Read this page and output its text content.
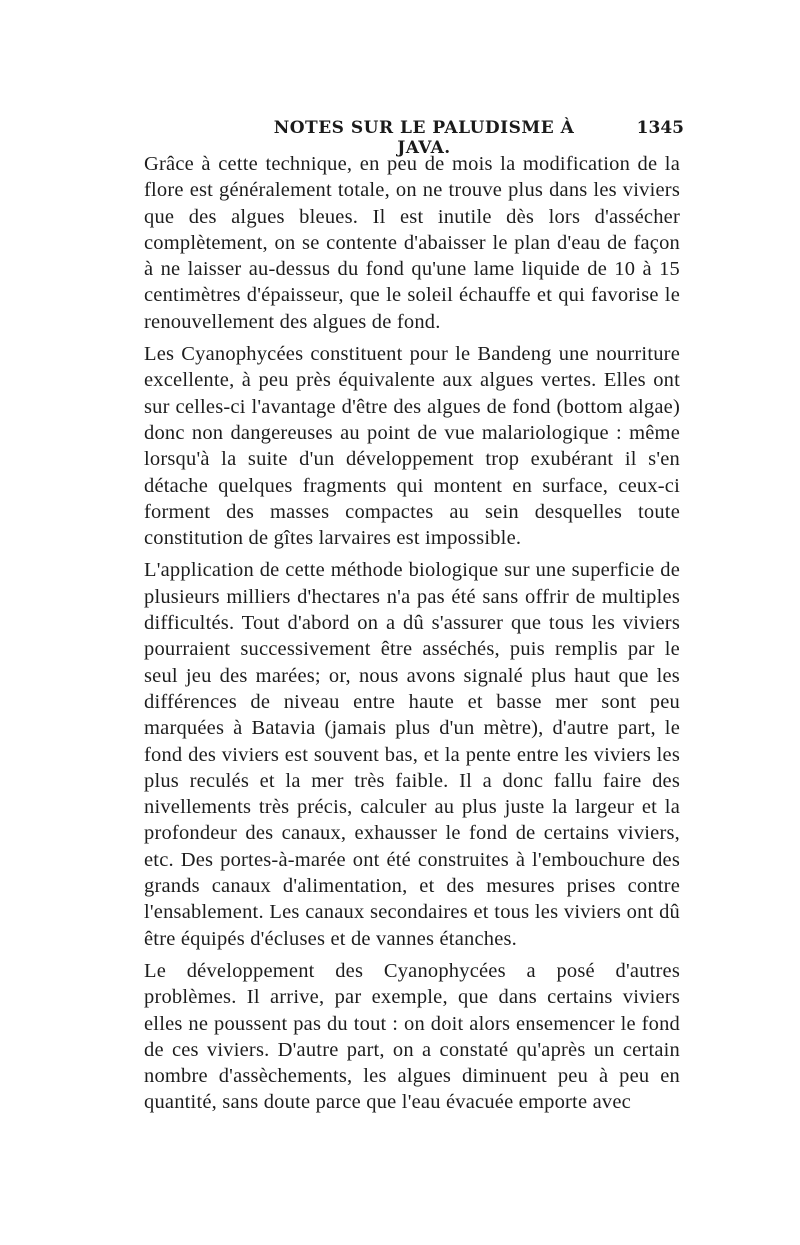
NOTES SUR LE PALUDISME À JAVA.
1345

Grâce à cette technique, en peu de mois la modification de la flore est généralement totale, on ne trouve plus dans les viviers que des algues bleues. Il est inutile dès lors d'assécher complètement, on se contente d'abaisser le plan d'eau de façon à ne laisser au-dessus du fond qu'une lame liquide de 10 à 15 centimètres d'épaisseur, que le soleil échauffe et qui favorise le renouvellement des algues de fond.

Les Cyanophycées constituent pour le Bandeng une nourriture excellente, à peu près équivalente aux algues vertes. Elles ont sur celles-ci l'avantage d'être des algues de fond (bottom algae) donc non dangereuses au point de vue malariologique : même lorsqu'à la suite d'un développement trop exubérant il s'en détache quelques fragments qui montent en surface, ceux-ci forment des masses compactes au sein desquelles toute constitution de gîtes larvaires est impossible.

L'application de cette méthode biologique sur une superficie de plusieurs milliers d'hectares n'a pas été sans offrir de multiples difficultés. Tout d'abord on a dû s'assurer que tous les viviers pourraient successivement être asséchés, puis remplis par le seul jeu des marées; or, nous avons signalé plus haut que les différences de niveau entre haute et basse mer sont peu marquées à Batavia (jamais plus d'un mètre), d'autre part, le fond des viviers est souvent bas, et la pente entre les viviers les plus reculés et la mer très faible. Il a donc fallu faire des nivellements très précis, calculer au plus juste la largeur et la profondeur des canaux, exhausser le fond de certains viviers, etc. Des portes-à-marée ont été construites à l'embouchure des grands canaux d'alimentation, et des mesures prises contre l'ensablement. Les canaux secondaires et tous les viviers ont dû être équipés d'écluses et de vannes étanches.

Le développement des Cyanophycées a posé d'autres problèmes. Il arrive, par exemple, que dans certains viviers elles ne poussent pas du tout : on doit alors ensemencer le fond de ces viviers. D'autre part, on a constaté qu'après un certain nombre d'assèchements, les algues diminuent peu à peu en quantité, sans doute parce que l'eau évacuée emporte avec
